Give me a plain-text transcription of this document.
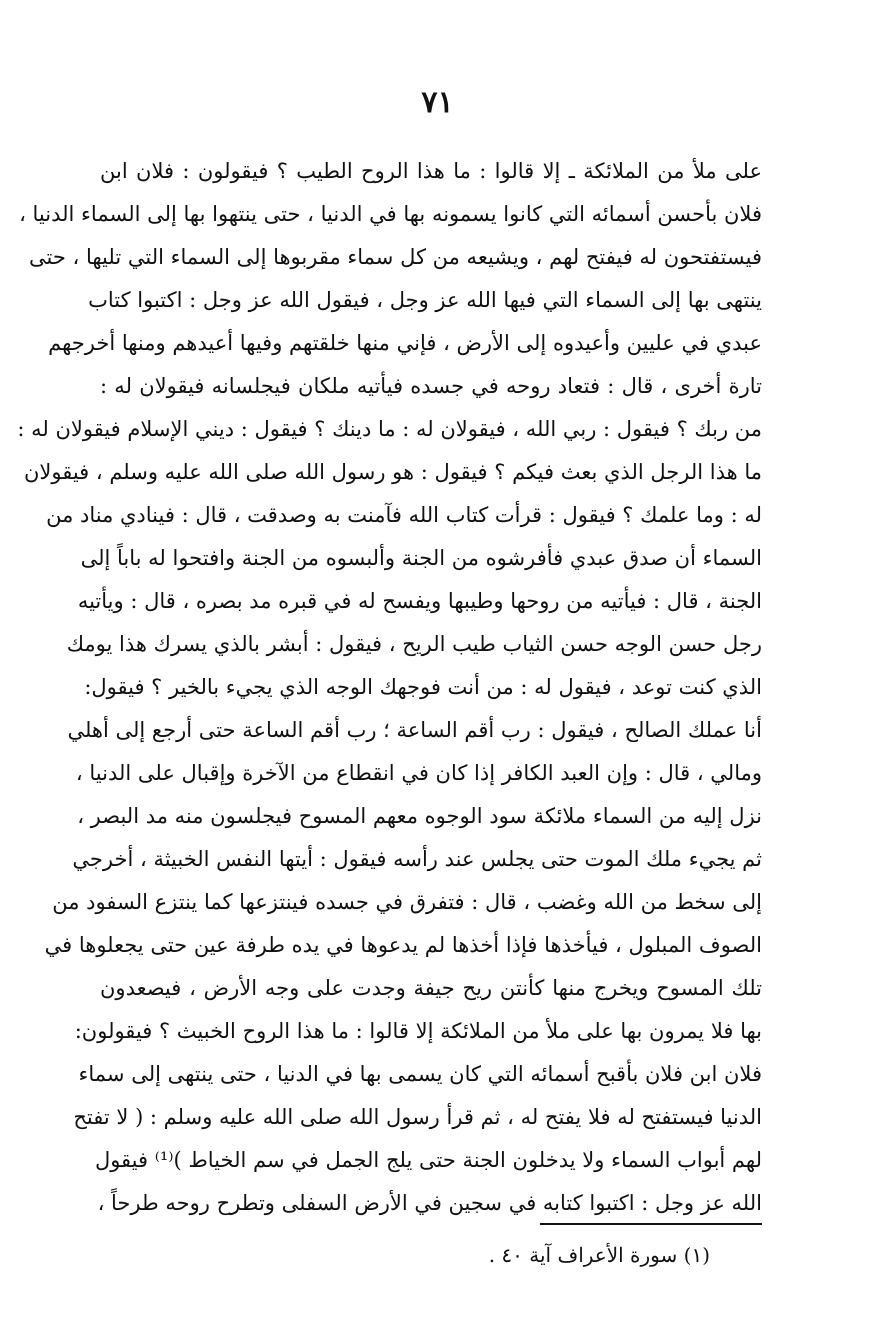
٧١
على ملأ من الملائكة ـ إلا قالوا : ما هذا الروح الطيب ؟ فيقولون : فلان ابن
فلان بأحسن أسمائه التي كانوا يسمونه بها في الدنيا ، حتى ينتهوا بها إلى السماء الدنيا ،
فيستفتحون له فيفتح لهم ، ويشيعه من كل سماء مقربوها إلى السماء التي تليها ، حتى
ينتهى بها إلى السماء التي فيها الله عز وجل ، فيقول الله عز وجل : اكتبوا كتاب
عبدي في عليين وأعيدوه إلى الأرض ، فإني منها خلقتهم وفيها أعيدهم ومنها أخرجهم
تارة أخرى ، قال : فتعاد روحه في جسده فيأتيه ملكان فيجلسانه فيقولان له :
من ربك ؟ فيقول : ربي الله ، فيقولان له : ما دينك ؟ فيقول : ديني الإسلام فيقولان له :
ما هذا الرجل الذي بعث فيكم ؟ فيقول : هو رسول الله صلى الله عليه وسلم ، فيقولان
له : وما علمك ؟ فيقول : قرأت كتاب الله فآمنت به وصدقت ، قال : فينادي مناد من
السماء أن صدق عبدي فأفرشوه من الجنة وألبسوه من الجنة وافتحوا له باباً إلى
الجنة ، قال : فيأتيه من روحها وطيبها ويفسح له في قبره مد بصره ، قال : ويأتيه
رجل حسن الوجه حسن الثياب طيب الريح ، فيقول : أبشر بالذي يسرك هذا يومك
الذي كنت توعد ، فيقول له : من أنت فوجهك الوجه الذي يجيء بالخير ؟ فيقول:
أنا عملك الصالح ، فيقول : رب أقم الساعة ؛ رب أقم الساعة حتى أرجع إلى أهلي
ومالي ، قال : وإن العبد الكافر إذا كان في انقطاع من الآخرة وإقبال على الدنيا ،
نزل إليه من السماء ملائكة سود الوجوه معهم المسوح فيجلسون منه مد البصر ،
ثم يجيء ملك الموت حتى يجلس عند رأسه فيقول : أيتها النفس الخبيثة ، أخرجي
إلى سخط من الله وغضب ، قال : فتفرق في جسده فينتزعها كما ينتزع السفود من
الصوف المبلول ، فيأخذها فإذا أخذها لم يدعوها في يده طرفة عين حتى يجعلوها في
تلك المسوح ويخرج منها كأنتن ريح جيفة وجدت على وجه الأرض ، فيصعدون
بها فلا يمرون بها على ملأ من الملائكة إلا قالوا : ما هذا الروح الخبيث ؟ فيقولون:
فلان ابن فلان بأقبح أسمائه التي كان يسمى بها في الدنيا ، حتى ينتهى إلى سماء
الدنيا فيستفتح له فلا يفتح له ، ثم قرأ رسول الله صلى الله عليه وسلم : ( لا تفتح
لهم أبواب السماء ولا يدخلون الجنة حتى يلج الجمل في سم الخياط )⁽¹⁾ فيقول
الله عز وجل : اكتبوا كتابه في سجين في الأرض السفلى وتطرح روحه طرحاً ،
(١) سورة الأعراف آية ٤٠ .
